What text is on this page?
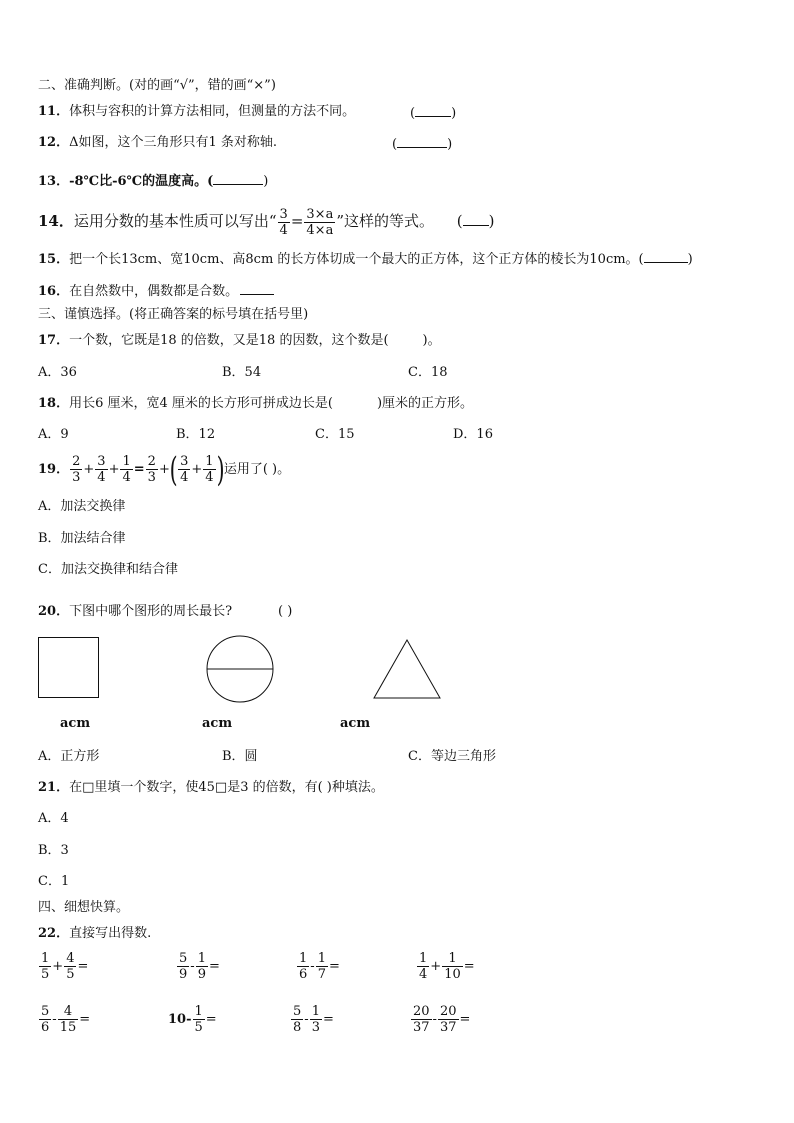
二、准确判断。(对的画“√”，错的画“×”)
11．体积与容积的计算方法相同，但测量的方法不同。	(	)
12．Δ如图，这个三角形只有1 条对称轴.	(	)
13．-8℃比-6℃的温度高。(	)
14．运用分数的基本性质可以写出“ $\frac{3}{4} = \frac{3\times a}{4\times a}$ ”这样的等式。 ( )
15．把一个长13cm、宽10cm、高8cm 的长方体切成一个最大的正方体，这个正方体的棱长为10cm。(	)
16．在自然数中，偶数都是合数。
三、谨慎选择。(将正确答案的标号填在括号里)
17．一个数，它既是18 的倍数，又是18 的因数，这个数是(	)。
A．36	B．54	C．18
18．用长6 厘米，宽4 厘米的长方形可拼成边长是(	)厘米的正方形。
A．9	B．12	C．15	D．16
19． $\frac{2}{3} + \frac{3}{4} + \frac{1}{4} = \frac{2}{3}$ +( $\frac{3}{4} + \frac{1}{4}$ )运用了( )。
A．加法交换律
B．加法结合律
C．加法交换律和结合律
20．下图中哪个图形的周长最长?	( )
acm	acm	acm
A．正方形	B．圆	C．等边三角形
21．在□里填一个数字，使45□是3 的倍数，有( )种填法。
A．4
B．3
C．1
四、细想快算。
22．直接写出得数.
$\frac{1}{5} + \frac{4}{5}$ =	$\frac{5}{9} - \frac{1}{9}$ =	$\frac{1}{6} - \frac{1}{7}$ =	$\frac{1}{4} + \frac{1}{10}$ =
$\frac{5}{6} - \frac{4}{15}$ =	$10- \frac{1}{5}$ =	$\frac{5}{8} - \frac{1}{3}$ =	$\frac{20}{37} - \frac{20}{37}$ =
